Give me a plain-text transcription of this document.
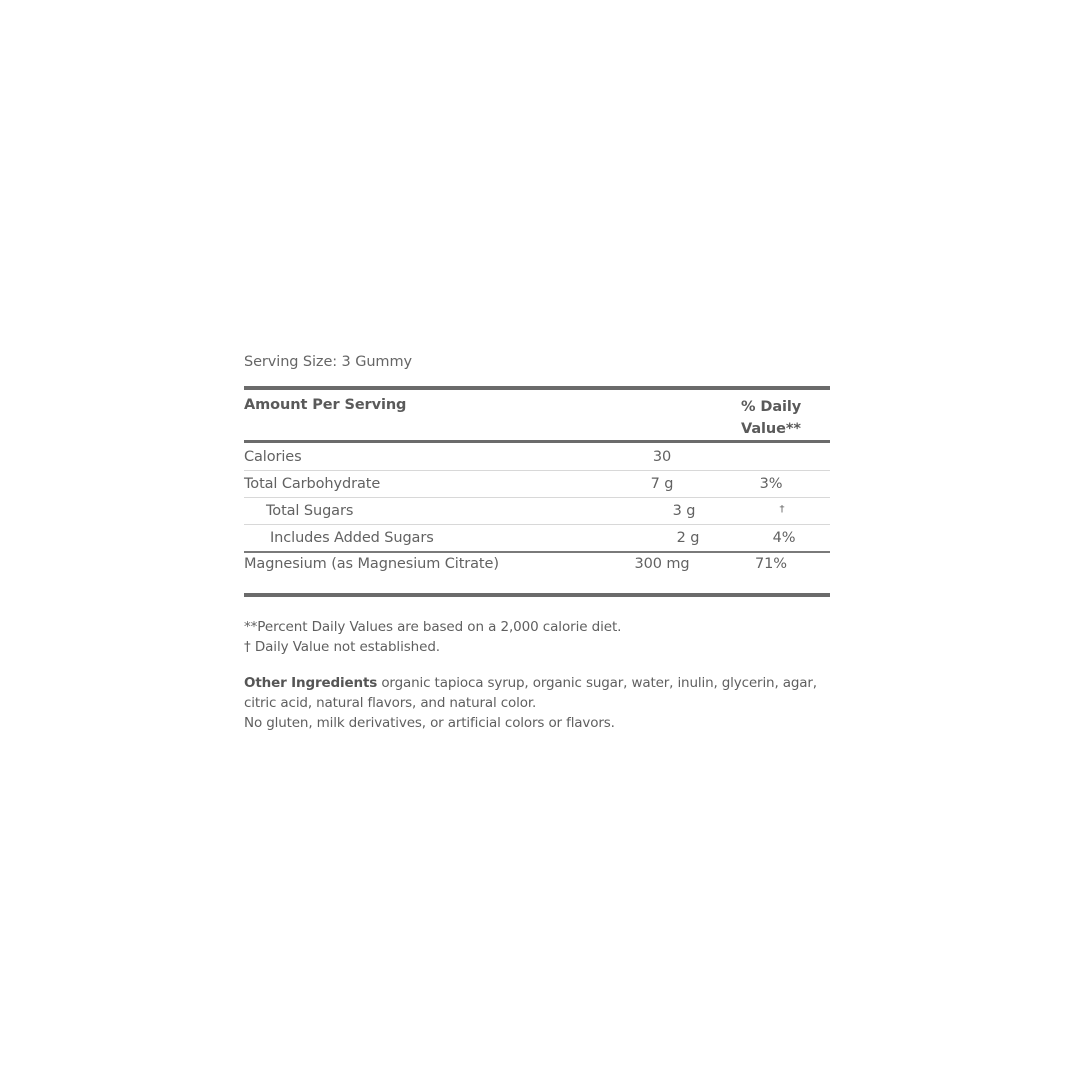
Serving Size: 3 Gummy
Amount Per Serving	% Daily
Value**
Calories	30
Total Carbohydrate	7 g	3%
Total Sugars	3 g	†
Includes Added Sugars	2 g	4%
Magnesium (as Magnesium Citrate)	300 mg	71%
**Percent Daily Values are based on a 2,000 calorie diet.
† Daily Value not established.
Other Ingredients organic tapioca syrup, organic sugar, water, inulin, glycerin, agar, citric acid, natural flavors, and natural color.
No gluten, milk derivatives, or artificial colors or flavors.
